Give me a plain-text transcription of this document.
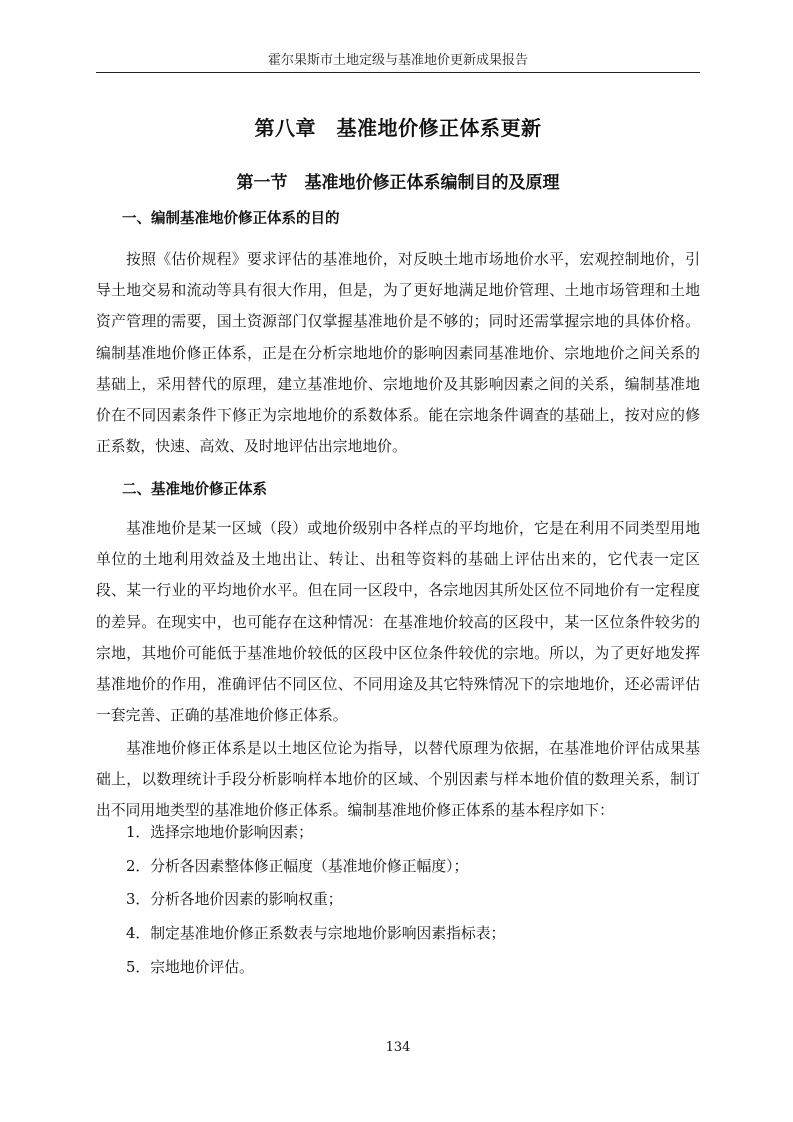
霍尔果斯市土地定级与基准地价更新成果报告
第八章　基准地价修正体系更新
第一节　基准地价修正体系编制目的及原理
一、编制基准地价修正体系的目的

按照《估价规程》要求评估的基准地价，对反映土地市场地价水平，宏观控制地价，引导土地交易和流动等具有很大作用，但是，为了更好地满足地价管理、土地市场管理和土地资产管理的需要，国土资源部门仅掌握基准地价是不够的；同时还需掌握宗地的具体价格。编制基准地价修正体系，正是在分析宗地地价的影响因素同基准地价、宗地地价之间关系的基础上，采用替代的原理，建立基准地价、宗地地价及其影响因素之间的关系，编制基准地价在不同因素条件下修正为宗地地价的系数体系。能在宗地条件调查的基础上，按对应的修正系数，快速、高效、及时地评估出宗地地价。

二、基准地价修正体系

基准地价是某一区域（段）或地价级别中各样点的平均地价，它是在利用不同类型用地单位的土地利用效益及土地出让、转让、出租等资料的基础上评估出来的，它代表一定区段、某一行业的平均地价水平。但在同一区段中，各宗地因其所处区位不同地价有一定程度的差异。在现实中，也可能存在这种情况：在基准地价较高的区段中，某一区位条件较劣的宗地，其地价可能低于基准地价较低的区段中区位条件较优的宗地。所以，为了更好地发挥基准地价的作用，准确评估不同区位、不同用途及其它特殊情况下的宗地地价，还必需评估一套完善、正确的基准地价修正体系。

基准地价修正体系是以土地区位论为指导，以替代原理为依据，在基准地价评估成果基础上，以数理统计手段分析影响样本地价的区域、个别因素与样本地价值的数理关系，制订出不同用地类型的基准地价修正体系。编制基准地价修正体系的基本程序如下：

1．选择宗地地价影响因素；
2．分析各因素整体修正幅度（基准地价修正幅度）；
3．分析各地价因素的影响权重；
4．制定基准地价修正系数表与宗地地价影响因素指标表；
5．宗地地价评估。
134
